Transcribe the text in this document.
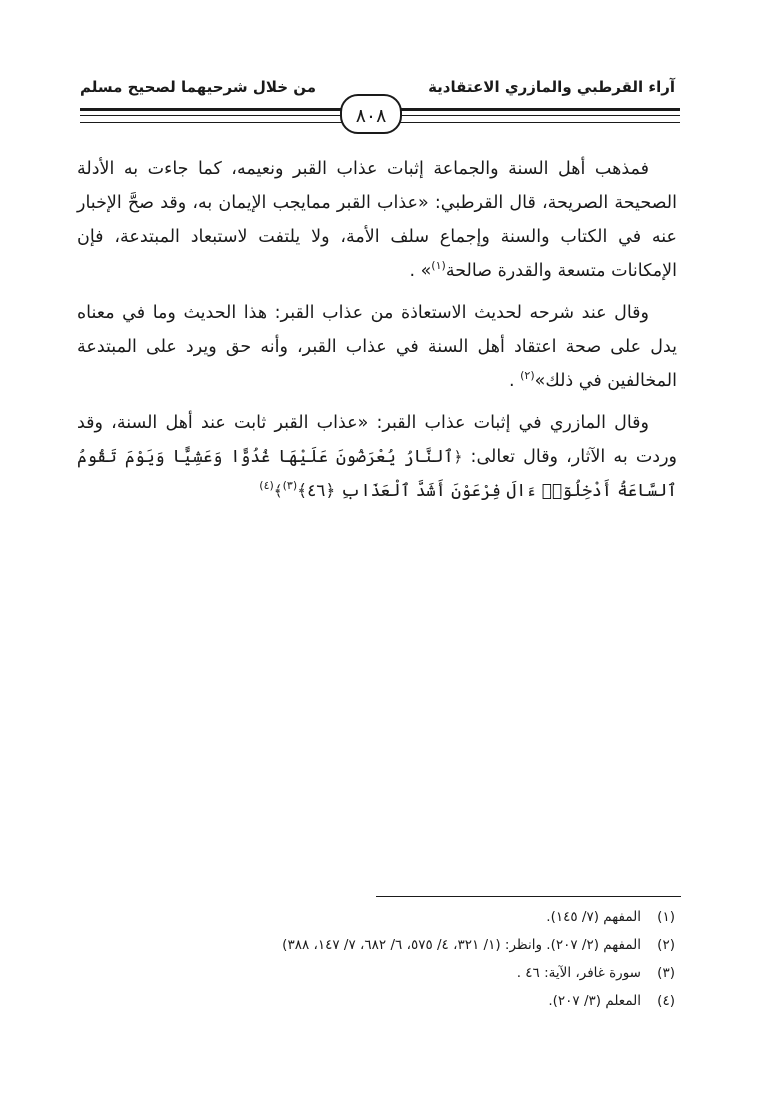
آراء القرطبي والمازري الاعتقادية
من خلال شرحيهما لصحيح مسلم
٨٠٨

فمذهب أهل السنة والجماعة إثبات عذاب القبر ونعيمه، كما جاءت به الأدلة الصحيحة الصريحة، قال القرطبي: «عذاب القبر ممايجب الإيمان به، وقد صحَّ الإخبار عنه في الكتاب والسنة وإجماع سلف الأمة، ولا يلتفت لاستبعاد المبتدعة، فإن الإمكانات متسعة والقدرة صالحة$^{(١)}$» .

وقال عند شرحه لحديث الاستعاذة من عذاب القبر: هذا الحديث وما في معناه يدل على صحة اعتقاد أهل السنة في عذاب القبر، وأنه حق ويرد على المبتدعة المخالفين في ذلك»$^{(٢)}$ .

وقال المازري في إثبات عذاب القبر: «عذاب القبر ثابت عند أهل السنة، وقد وردت به الآثار، وقال تعالى: ﴿ٱلنَّارُ يُعْرَضُونَ عَلَيْهَا غُدُوًّا وَعَشِيًّا وَيَوْمَ تَقُومُ ٱلسَّاعَةُ أَدْخِلُوٓا۟ ءَالَ فِرْعَوْنَ أَشَدَّ ٱلْعَذَابِ ﴿٤٦﴾$^{(٣)}$﴾$^{(٤)}$

(١)المفهم (٧/ ١٤٥).
(٢)المفهم (٢/ ٢٠٧). وانظر: (١/ ٣٢١، ٤/ ٥٧٥، ٦/ ٦٨٢، ٧/ ١٤٧، ٣٨٨)
(٣)سورة غافر، الآية: ٤٦ .
(٤)المعلم (٣/ ٢٠٧).
